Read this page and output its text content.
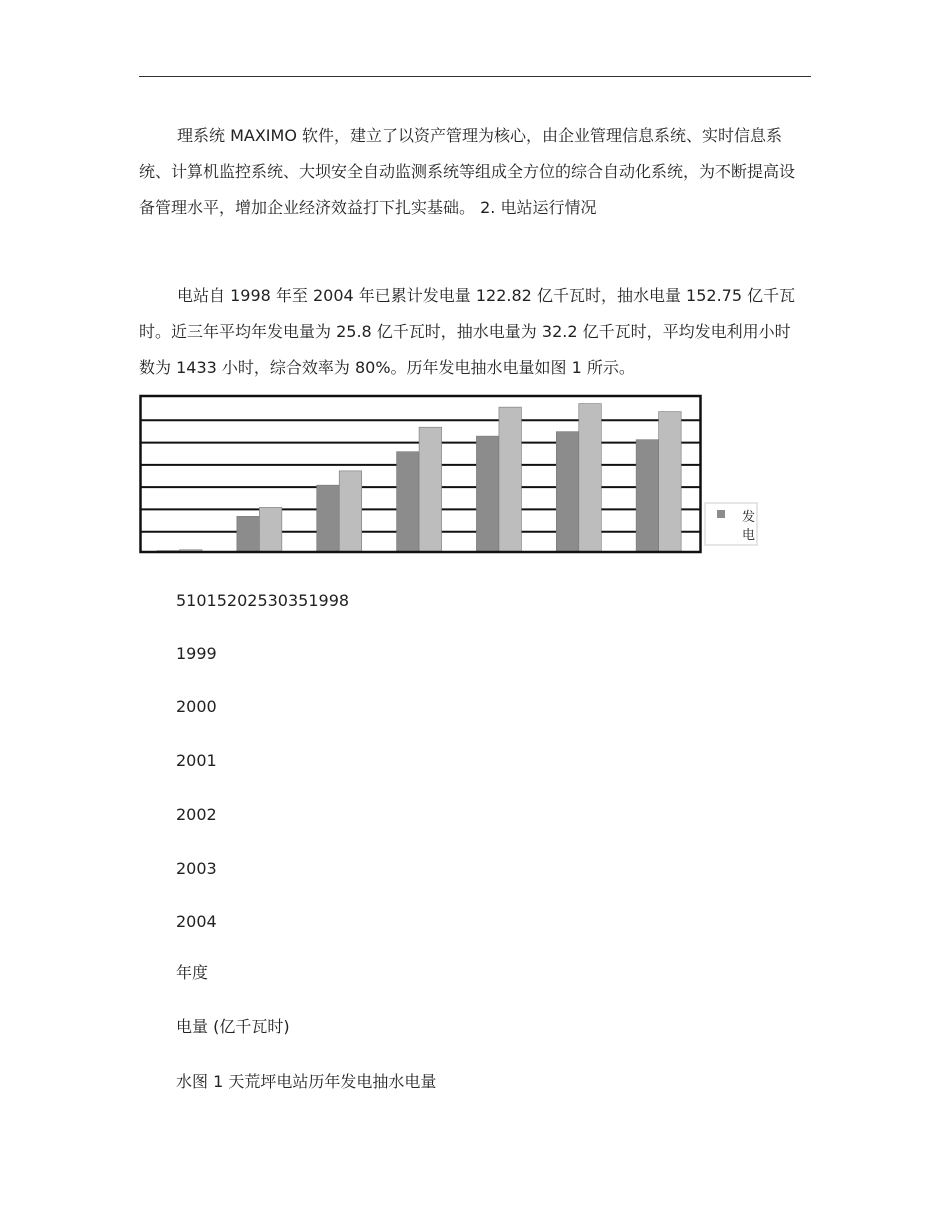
理系统 MAXIMO 软件，建立了以资产管理为核心，由企业管理信息系统、实时信息系统、计算机监控系统、大坝安全自动监测系统等组成全方位的综合自动化系统，为不断提高设备管理水平，增加企业经济效益打下扎实基础。 2. 电站运行情况

电站自 1998 年至 2004 年已累计发电量 122.82 亿千瓦时，抽水电量 152.75 亿千瓦时。近三年平均年发电量为 25.8 亿千瓦时，抽水电量为 32.2 亿千瓦时，平均发电利用小时数为 1433 小时，综合效率为 80%。历年发电抽水电量如图 1 所示。

发电
51015202530351998
1999
2000
2001
2002
2003
2004
年度
电量 (亿千瓦时)
水图 1 天荒坪电站历年发电抽水电量
